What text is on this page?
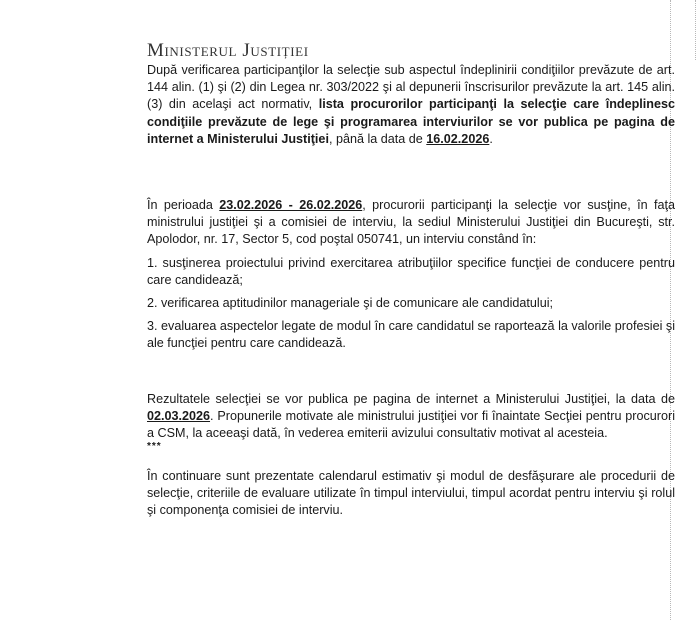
Ministerul Justiției
După verificarea participanţilor la selecţie sub aspectul îndeplinirii condiţiilor prevăzute de art. 144 alin. (1) şi (2) din Legea nr. 303/2022 şi al depunerii înscrisurilor prevăzute la art. 145 alin. (3) din acelaşi act normativ, lista procurorilor participanţi la selecţie care îndeplinesc condiţiile prevăzute de lege şi programarea interviurilor se vor publica pe pagina de internet a Ministerului Justiţiei, până la data de 16.02.2026.
În perioada 23.02.2026 - 26.02.2026, procurorii participanţi la selecţie vor susţine, în faţa ministrului justiţiei şi a comisiei de interviu, la sediul Ministerului Justiţiei din Bucureşti, str. Apolodor, nr. 17, Sector 5, cod poştal 050741, un interviu constând în:
1. susţinerea proiectului privind exercitarea atribuţiilor specifice funcţiei de conducere pentru care candidează;
2. verificarea aptitudinilor manageriale şi de comunicare ale candidatului;
3. evaluarea aspectelor legate de modul în care candidatul se raportează la valorile profesiei şi ale funcţiei pentru care candidează.
Rezultatele selecţiei se vor publica pe pagina de internet a Ministerului Justiţiei, la data de 02.03.2026. Propunerile motivate ale ministrului justiţiei vor fi înaintate Secţiei pentru procurori a CSM, la aceeaşi dată, în vederea emiterii avizului consultativ motivat al acesteia.
***
În continuare sunt prezentate calendarul estimativ şi modul de desfăşurare ale procedurii de selecţie, criteriile de evaluare utilizate în timpul interviului, timpul acordat pentru interviu şi rolul şi componenţa comisiei de interviu.
